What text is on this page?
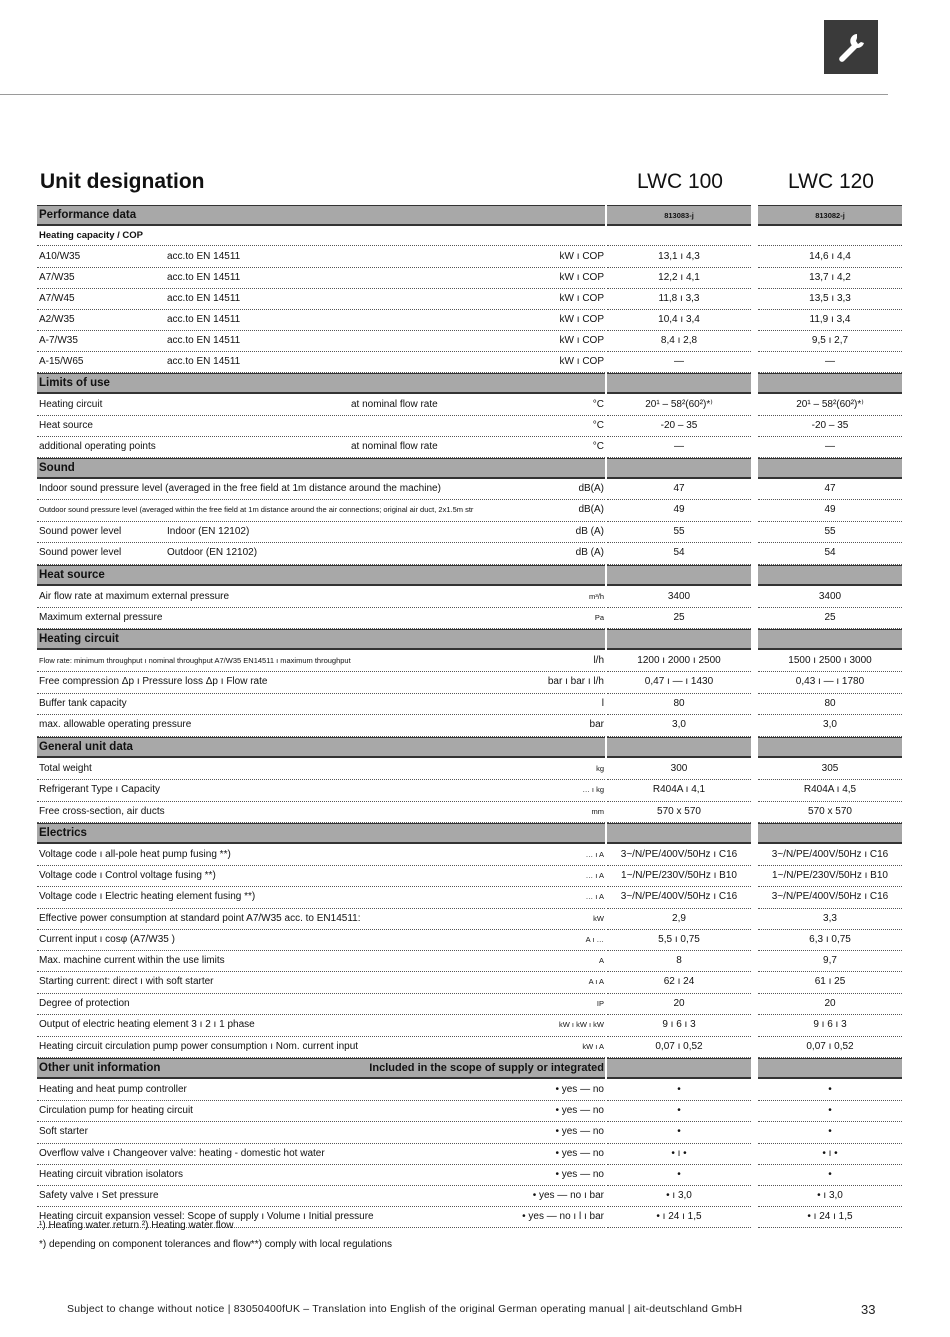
Unit designation	LWC 100	LWC 120
Performance data	813083-j	813082-j
Heating capacity / COP
A10/W35	acc.to EN 14511	kW ı COP	13,1 ı 4,3	14,6 ı 4,4
A7/W35	acc.to EN 14511	kW ı COP	12,2 ı 4,1	13,7 ı 4,2
A7/W45	acc.to EN 14511	kW ı COP	11,8 ı 3,3	13,5 ı 3,3
A2/W35	acc.to EN 14511	kW ı COP	10,4 ı 3,4	11,9 ı 3,4
A-7/W35	acc.to EN 14511	kW ı COP	8,4 ı 2,8	9,5 ı 2,7
A-15/W65	acc.to EN 14511	kW ı COP	—	—
Limits of use
Heating circuit	at nominal flow rate	°C	20¹ – 58²(60²)*⁾	20¹ – 58²(60²)*⁾
Heat source	°C	-20 – 35	-20 – 35
additional operating points	at nominal flow rate	°C	—	—
Sound
Indoor sound pressure level (averaged in the free field at 1m distance around the machine)	dB(A)	47	47
Outdoor sound pressure level (averaged within the free field at 1m distance around the air connections; original air duct, 2x1.5m str	dB(A)	49	49
Sound power level	Indoor (EN 12102)	dB (A)	55	55
Sound power level	Outdoor (EN 12102)	dB (A)	54	54
Heat source
Air flow rate at maximum external pressure	m³/h	3400	3400
Maximum external pressure	Pa	25	25
Heating circuit
Flow rate: minimum throughput ı nominal throughput A7/W35 EN14511 ı maximum throughput	l/h	1200 ı 2000 ı 2500	1500 ı 2500 ı 3000
Free compression Δp ı Pressure loss Δp ı Flow rate	bar ı bar ı l/h	0,47 ı — ı 1430	0,43 ı — ı 1780
Buffer tank capacity	l	80	80
max. allowable operating pressure	bar	3,0	3,0
General unit data
Total weight	kg	300	305
Refrigerant Type ı Capacity	… ı kg	R404A ı 4,1	R404A ı 4,5
Free cross-section, air ducts	mm	570 x 570	570 x 570
Electrics
Voltage code ı all-pole heat pump fusing **)	… ı A	3~/N/PE/400V/50Hz ı C16	3~/N/PE/400V/50Hz ı C16
Voltage code ı Control voltage fusing **)	… ı A	1~/N/PE/230V/50Hz ı B10	1~/N/PE/230V/50Hz ı B10
Voltage code ı Electric heating element fusing **)	… ı A	3~/N/PE/400V/50Hz ı C16	3~/N/PE/400V/50Hz ı C16
Effective power consumption at standard point A7/W35 acc. to EN14511:	kW	2,9	3,3
Current input ı cosφ (A7/W35 )	A ı …	5,5 ı 0,75	6,3 ı 0,75
Max. machine current within the use limits	A	8	9,7
Starting current: direct ı with soft starter	A ı A	62 ı 24	61 ı 25
Degree of protection	IP	20	20
Output of electric heating element 3 ı 2 ı 1 phase	kW ı kW ı kW	9 ı 6 ı 3	9 ı 6 ı 3
Heating circuit circulation pump power consumption ı Nom. current input	kW ı A	0,07 ı 0,52	0,07 ı 0,52
Other unit information	Included in the scope of supply or integrated
Heating and heat pump controller	• yes — no	•	•
Circulation pump for heating circuit	• yes — no	•	•
Soft starter	• yes — no	•	•
Overflow valve ı Changeover valve: heating - domestic hot water	• yes — no	• ı •	• ı •
Heating circuit vibration isolators	• yes — no	•	•
Safety valve ı Set pressure	• yes — no ı bar	• ı 3,0	• ı 3,0
Heating circuit expansion vessel: Scope of supply ı Volume ı Initial pressure	• yes — no ı l ı bar	• ı 24 ı 1,5	• ı 24 ı 1,5
¹) Heating water return ²) Heating water flow
*) depending on component tolerances and flow**) comply with local regulations
Subject to change without notice | 83050400fUK – Translation into English of the original German operating manual | ait-deutschland GmbH	33
